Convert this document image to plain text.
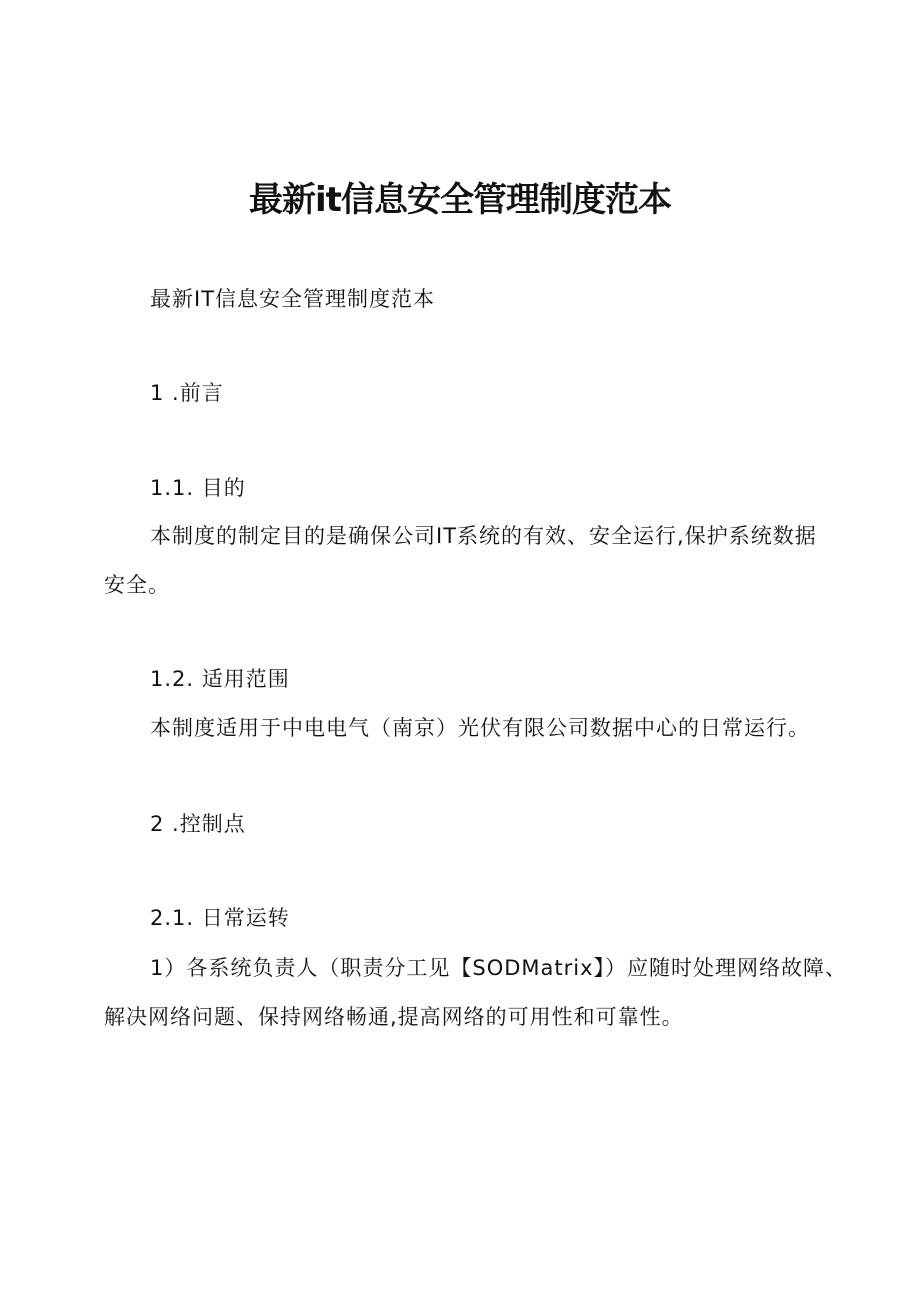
最新it信息安全管理制度范本
最新IT信息安全管理制度范本
1 .前言
1.1. 目的
本制度的制定目的是确保公司IT系统的有效、安全运行,保护系统数据
安全。
1.2. 适用范围
本制度适用于中电电气（南京）光伏有限公司数据中心的日常运行。
2 .控制点
2.1. 日常运转
1）各系统负责人（职责分工见【SODMatrix】）应随时处理网络故障、
解决网络问题、保持网络畅通,提高网络的可用性和可靠性。
